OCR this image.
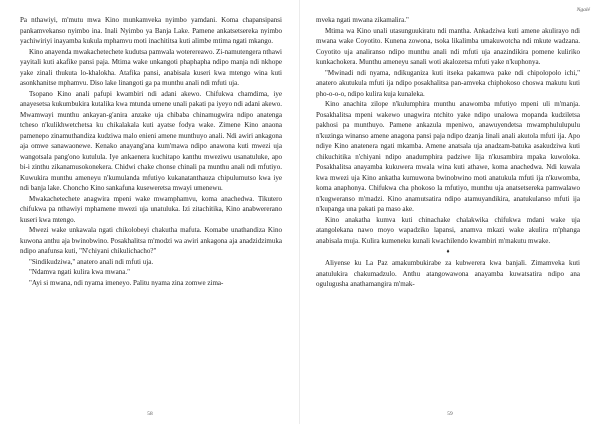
Pa nthawiyi, m'mutu mwa Kino munkamveka nyimbo yamdani. Koma chapansipansi pankamvekanso nyimbo ina. Inali Nyimbo ya Banja Lake. Pamene ankatsetsereka nyimbo yachiwiriyi inayamba kukula mphamvu moti inachititsa kuti alimbe mtima ngati mkango.

Kino anayenda mwakachetechete kudutsa pamwala woterereawo. Zi-namutengera nthawi yayitali kuti akafike pansi paja. Mtima wake unkangoti phaphapha ndipo manja ndi nkhope yake zinali thukuta lo-khalokha. Atafika pansi, anabisala kuseri kwa mtengo wina kuti asonkhanitse mphamvu. Diso lake linangoti ga pa munthu anali ndi mfuti uja.

Tsopano Kino anali pafupi kwambiri ndi adani akewo. Chifukwa chamdima, iye anayesetsa kukumbukira kutalika kwa mtunda umene unali pakati pa iyeyo ndi adani akewo. Mwamwayi munthu ankayan-g'anira anzake uja chibaba chinamugwira ndipo anatenga tcheso n'kulikhwetchetsa ku chikalakala kuti ayatse fodya wake. Zimene Kino anaona pamenepo zinamuthandiza kudziwa malo enieni amene munthuyo anali. Ndi awiri ankagona aja omwe sanawaonewe. Kenako anayang'ana kum'mawa ndipo anawona kuti mwezi uja wangotsala pang'ono kutulula. Iye ankaenera kuchitapo kanthu mweziwu usanatuluke, apo bi-i zinthu zikanamusokonekera. Chidwi chake chonse chinali pa munthu anali ndi mfutiyo. Kuwukira munthu ameneyu n'kumulanda mfutiyo kukanatanthauza chipulumutso kwa iye ndi banja lake. Choncho Kino sankafuna kuseweretsa mwayi umenewu.

Mwakachetechete anagwira mpeni wake mwamphamvu, koma anachedwa. Tikutero chifukwa pa nthawiyi mphamene mwezi uja unatuluka. Izi zitachitika, Kino anabwererano kuseri kwa mtengo.

Mwezi wake unkawala ngati chikolobeyi chakutha mafuta. Komabe unathandiza Kino kuwona anthu aja bwinobwino. Posakhalitsa m'modzi wa awiri ankagona aja anadzidzimuka ndipo anafunsa kuti, "N'chiyani chikulichacho?"

"Sindikudziwa," anatero anali ndi mfuti uja.

"Ndamva ngati kulira kwa mwana."

"Ayi si mwana, ndi nyama imeneyo. Palitu nyama zina zomwe zima-

58
Ngalé

mveka ngati mwana zikamalira."

Mtima wa Kino unali utasunguukiratu ndi mantha. Ankadziwa kuti amene akulirayo ndi mwana wake Coyotito. Kunena zowona, tsoka likalimba umakuwotcha ndi mkute wadzana. Coyotito uja analiranso ndipo munthu anali ndi mfuti uja anazindikira pomene kuliriko kunkachokera. Munthu ameneyu sanali woti akalozetsa mfuti yake n'kuphonya.

"Mwinadi ndi nyama, ndikuganiza kuti itseka pakamwa pake ndi chipolopolo ichi," anatero akutukula mfuti ija ndipo posakhalitsa pan-amveka chiphokoso choswa makutu kuti pho-o-o-o, ndipo kulira kuja kunaleka.

Kino anachita zilope n'kulumphira munthu anawomba mfutiyo mpeni uli m'manja. Posakhalitsa mpeni wakewo unagwira ntchito yake ndipo unalowa mopanda kudziletsa pakhosi pa munthuyo. Pamene ankazula mpeniwo, anawuyendetsa mwamphululupulu n'kuzinga winanso amene anagona pansi paja ndipo dzanja linali anali akutola mfuti ija. Apo ndiye Kino anatenera ngati mkamba. Amene anatsala uja anadzam-batuka asakudziwa kuti chikuchitika n'chiyani ndipo anadumphira padziwe lija n'kusambira mpaka kuwoloka. Posakhalitsa anayamba kukuwera mwala wina kuti athawe, koma anachedwa. Ndi kuwala kwa mwezi uja Kino ankatha kumuwona bwinobwino moti anatukula mfuti ija n'kuwomba, koma anaphonya. Chifukwa cha phokoso la mfutiyo, munthu uja anatsetsereka pamwalawo n'kugweranso m'madzi. Kino anamutsatira ndipo atamuyandikira, anatukulanso mfuti ija n'kupanga una pakati pa maso ake.

Kino anakatha kumva kuti chinachake chalakwika chifukwa mdani wake uja atangolekana nawo moyo wapadziko lapansi, anamva mkazi wake akulira m'phanga anabisala muja. Kulira kumeneku kunali kwachilendo kwambiri m'makutu mwake.

♦

Aliyense ku La Paz amakumbukirabe za kubwerera kwa banjali. Zimamveka kuti anatulukira chakumadzulo. Anthu atangowawona anayamba kuwatsatira ndipo ana ogulugusha anathamangira m'mak-

59
